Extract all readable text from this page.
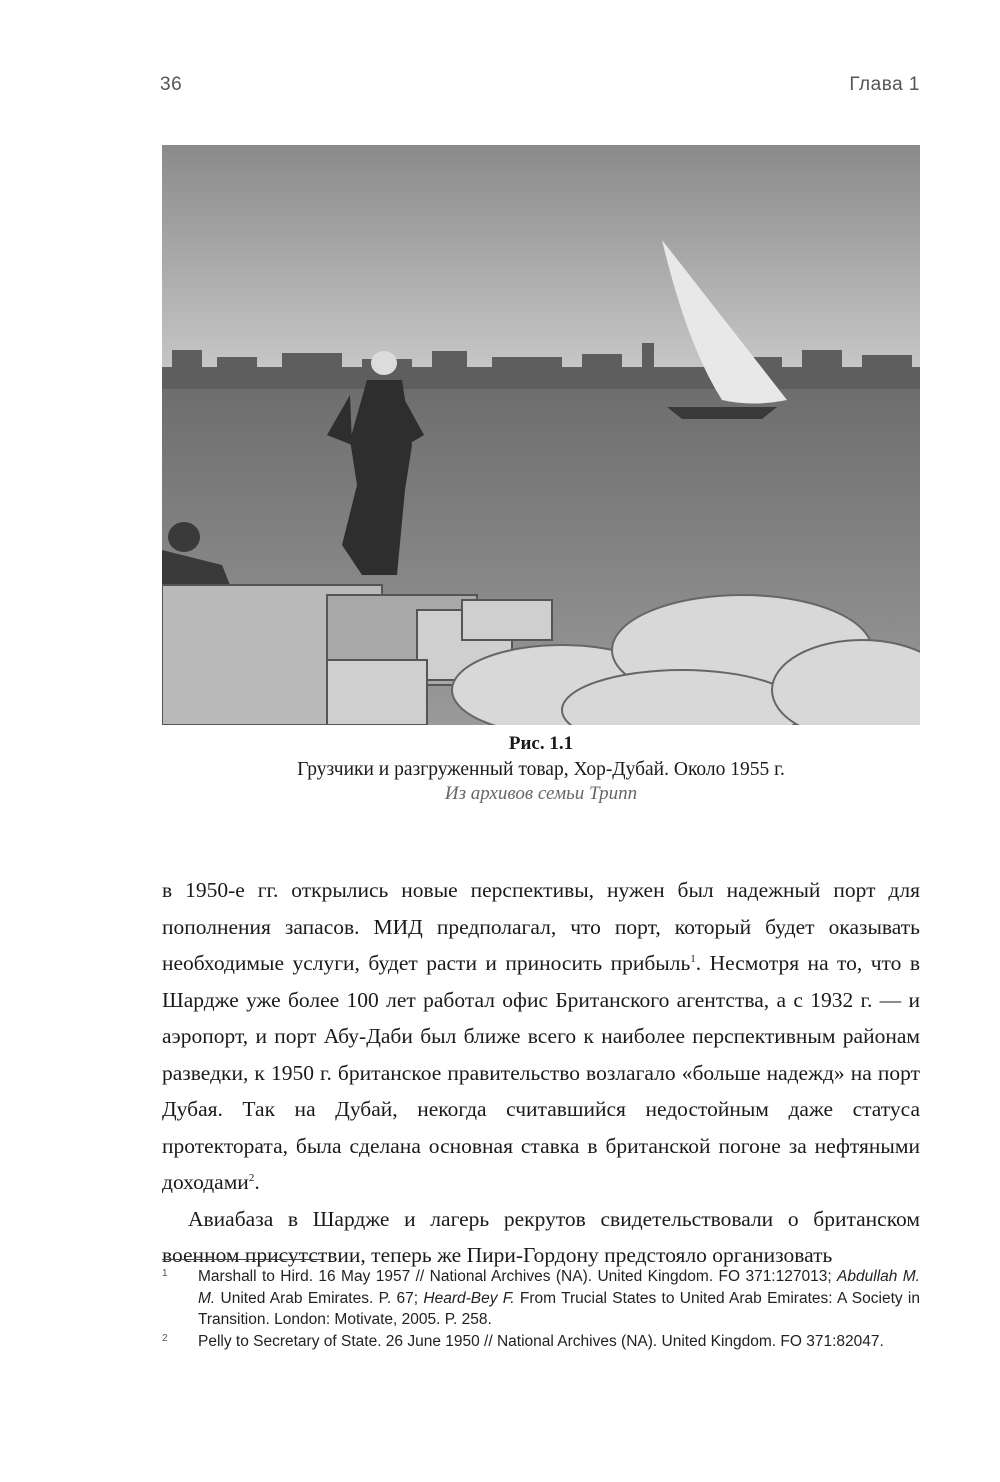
36	Глава 1
Рис. 1.1
Грузчики и разгруженный товар, Хор-Дубай. Около 1955 г.
Из архивов семьи Трипп

в 1950-е гг. открылись новые перспективы, нужен был надежный порт для пополнения запасов. МИД предполагал, что порт, который будет оказывать необходимые услуги, будет расти и приносить прибыль$^1$. Несмотря на то, что в Шардже уже более 100 лет работал офис Британского агентства, а с 1932 г. — и аэропорт, и порт Абу-Даби был ближе всего к наиболее перспективным районам разведки, к 1950 г. британское правительство возлагало «больше надежд» на порт Дубая. Так на Дубай, некогда считавшийся недостойным даже статуса протектората, была сделана основная ставка в британской погоне за нефтяными доходами$^2$.

Авиабаза в Шардже и лагерь рекрутов свидетельствовали о британском военном присутствии, теперь же Пири-Гордону предстояло организовать

1	Marshall to Hird. 16 May 1957 // National Archives (NA). United Kingdom. FO 371:127013; Abdullah M. M. United Arab Emirates. P. 67; Heard-Bey F. From Trucial States to United Arab Emirates: A Society in Transition. London: Motivate, 2005. P. 258.
2	Pelly to Secretary of State. 26 June 1950 // National Archives (NA). United Kingdom. FO 371:82047.
